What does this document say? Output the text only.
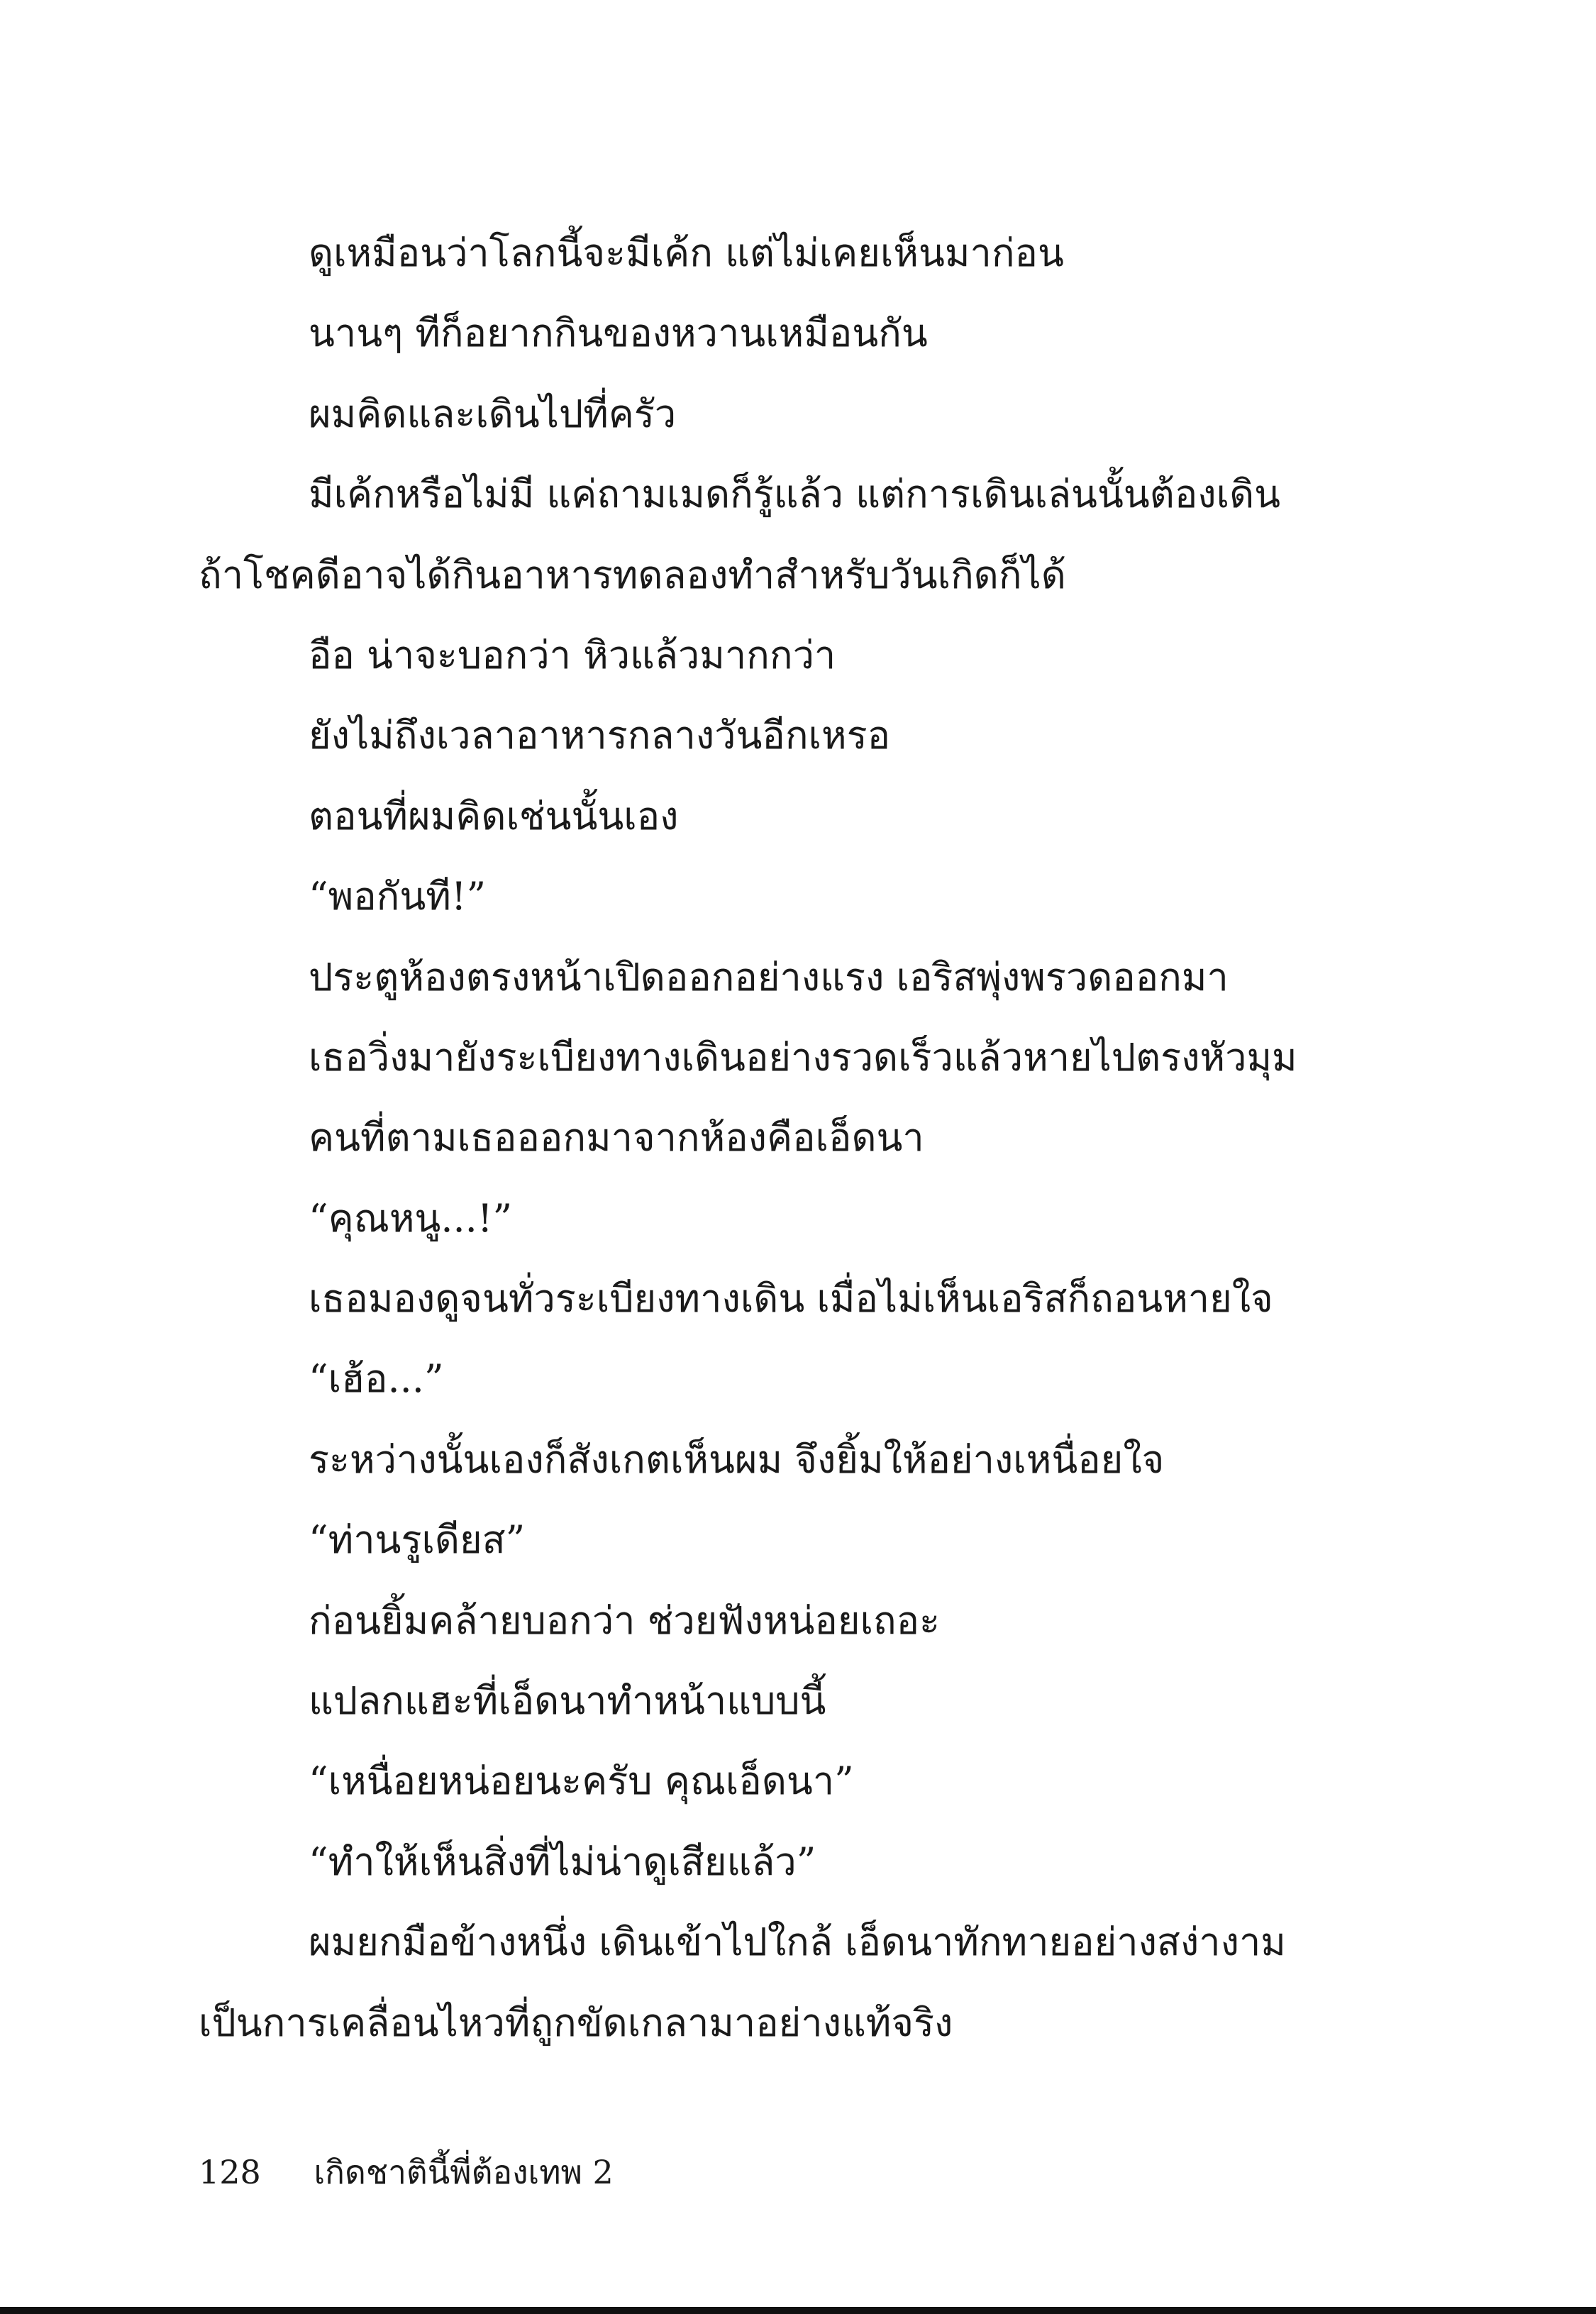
ดูเหมือนว่าโลกนี้จะมีเค้ก แต่ไม่เคยเห็นมาก่อน
นานๆ ทีก็อยากกินของหวานเหมือนกัน
ผมคิดและเดินไปที่ครัว
มีเค้กหรือไม่มี แค่ถามเมดก็รู้แล้ว แต่การเดินเล่นนั้นต้องเดิน
ถ้าโชคดีอาจได้กินอาหารทดลองทำสำหรับวันเกิดก็ได้
อือ น่าจะบอกว่า หิวแล้วมากกว่า
ยังไม่ถึงเวลาอาหารกลางวันอีกเหรอ
ตอนที่ผมคิดเช่นนั้นเอง
“พอกันที!”
ประตูห้องตรงหน้าเปิดออกอย่างแรง เอริสพุ่งพรวดออกมา
เธอวิ่งมายังระเบียงทางเดินอย่างรวดเร็วแล้วหายไปตรงหัวมุม
คนที่ตามเธอออกมาจากห้องคือเอ็ดนา
“คุณหนู...!”
เธอมองดูจนทั่วระเบียงทางเดิน เมื่อไม่เห็นเอริสก็ถอนหายใจ
“เฮ้อ...”
ระหว่างนั้นเองก็สังเกตเห็นผม จึงยิ้มให้อย่างเหนื่อยใจ
“ท่านรูเดียส”
ก่อนยิ้มคล้ายบอกว่า ช่วยฟังหน่อยเถอะ
แปลกแฮะที่เอ็ดนาทำหน้าแบบนี้
“เหนื่อยหน่อยนะครับ คุณเอ็ดนา”
“ทำให้เห็นสิ่งที่ไม่น่าดูเสียแล้ว”
ผมยกมือข้างหนึ่ง เดินเข้าไปใกล้ เอ็ดนาทักทายอย่างสง่างาม
เป็นการเคลื่อนไหวที่ถูกขัดเกลามาอย่างแท้จริง
128 เกิดชาตินี้พี่ต้องเทพ 2
